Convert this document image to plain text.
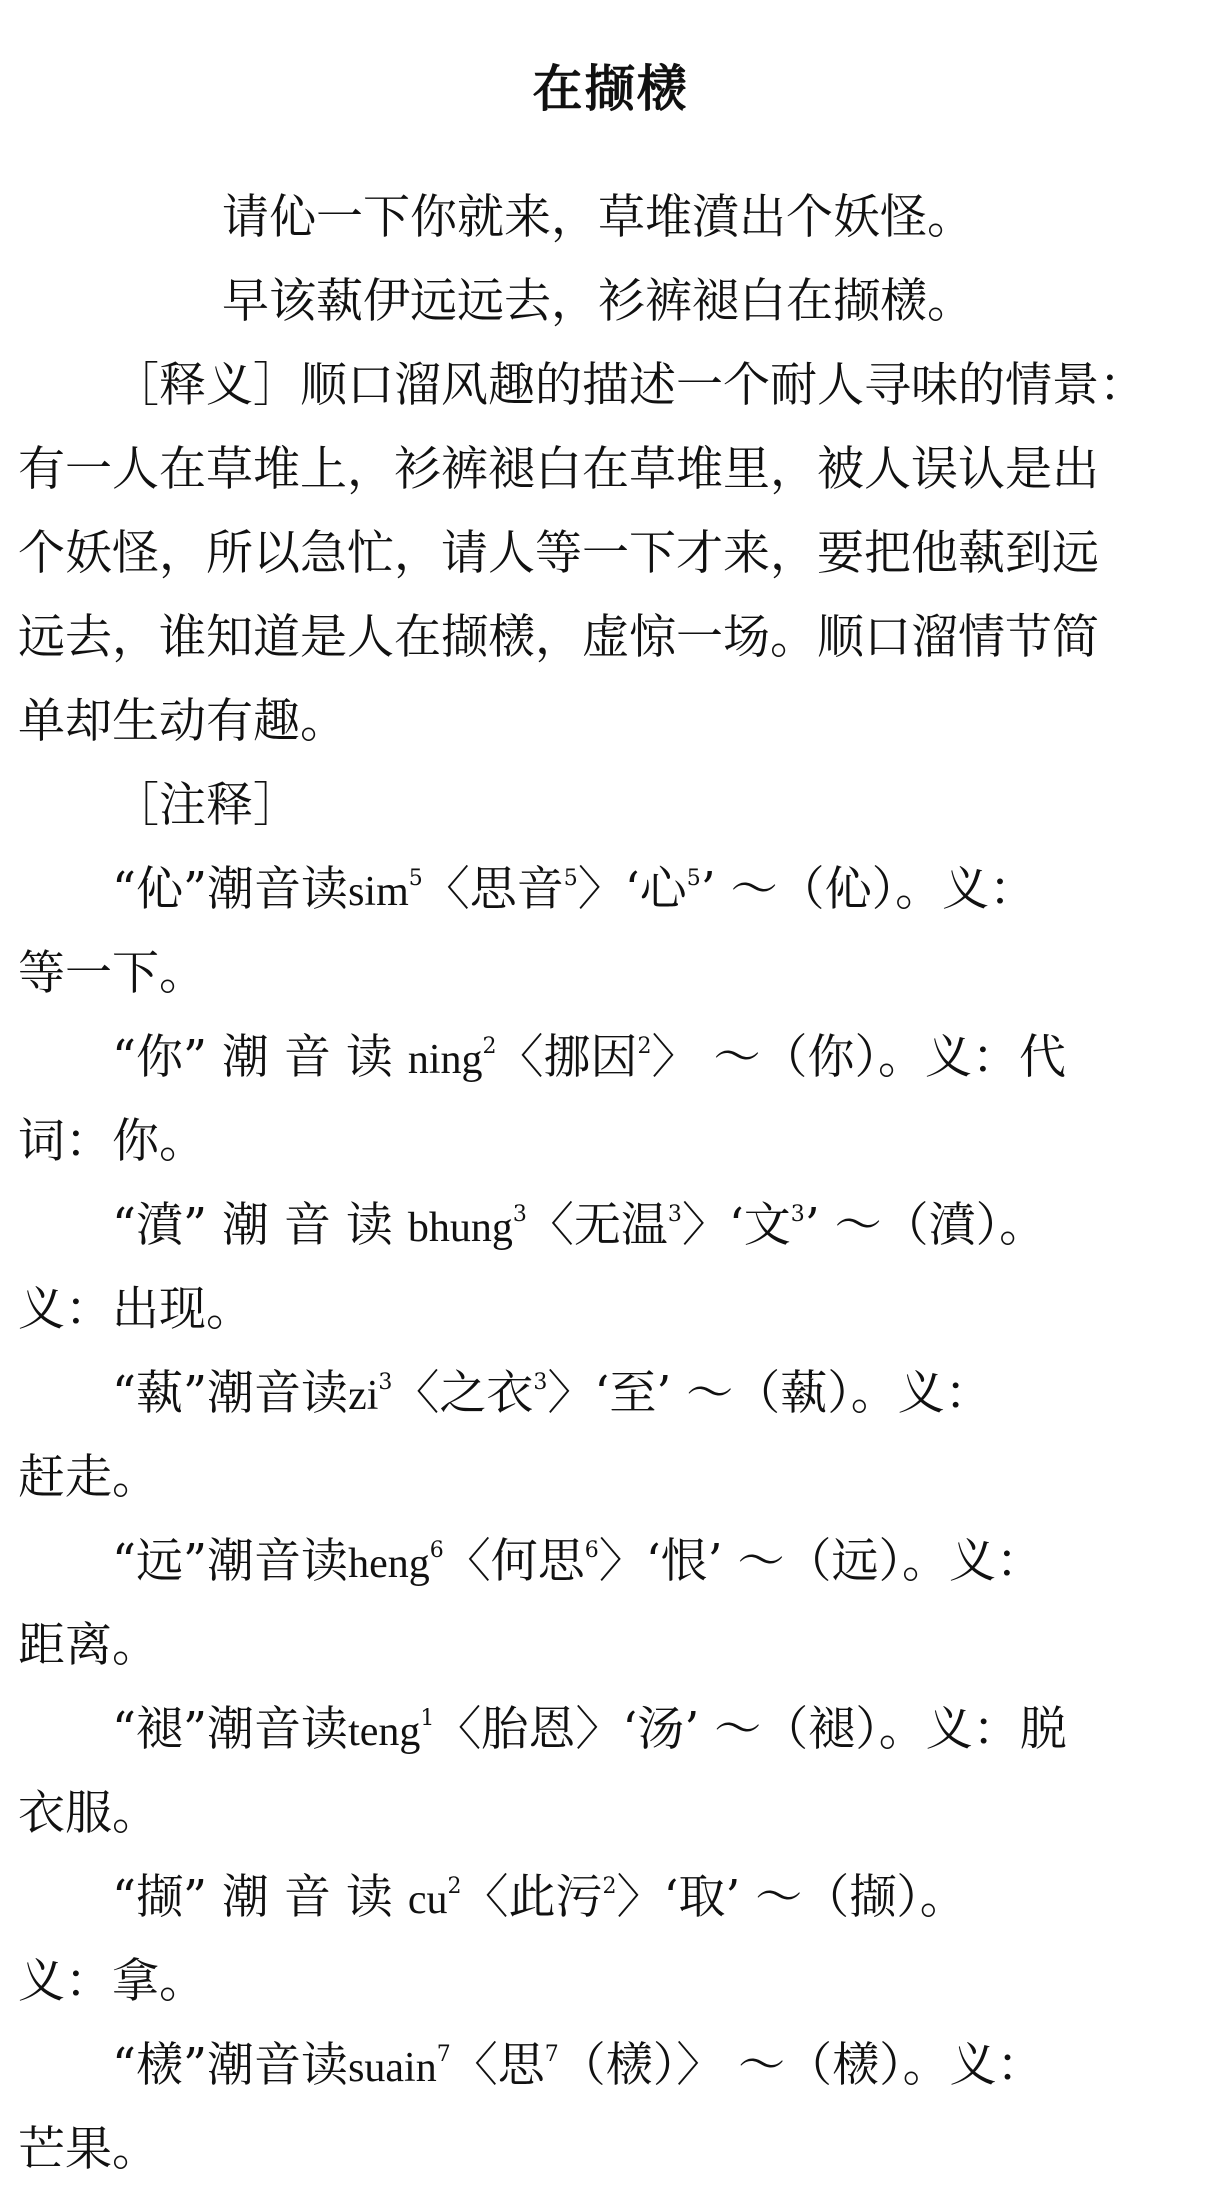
在撷檨
请伈一下你就来，草堆濆出个妖怪。
早该蓻伊远远去，衫裤褪白在撷檨。
［释义］顺口溜风趣的描述一个耐人寻味的情景：
有一人在草堆上，衫裤褪白在草堆里，被人误认是出
个妖怪，所以急忙，请人等一下才来，要把他蓻到远
远去，谁知道是人在撷檨，虚惊一场。顺口溜情节简
单却生动有趣。
［注释］
“伈”潮音读sim$^5$〈思音$^5$〉‘心$^5$’ ～（伈）。义：
等一下。
“你” 潮 音 读 ning$^2$〈挪因$^2$〉 ～（你）。义：代
词：你。
“濆” 潮 音 读 bhung$^3$〈无温$^3$〉‘文$^3$’ ～（濆）。
义：出现。
“蓻”潮音读$zi^3$〈之衣$^3$〉‘至’ ～（蓻）。义：
赶走。
“远”潮音读heng$^6$〈何思$^6$〉‘恨’ ～（远）。义：
距离。
“褪”潮音读teng$^1$〈胎恩〉‘汤’ ～（褪）。义：脱
衣服。
“撷” 潮 音 读 $cu^2$〈此污$^2$〉‘取’ ～（撷）。
义：拿。
“檨”潮音读suain$^7$〈思$^7$（檨）〉 ～（檨）。义：
芒果。
